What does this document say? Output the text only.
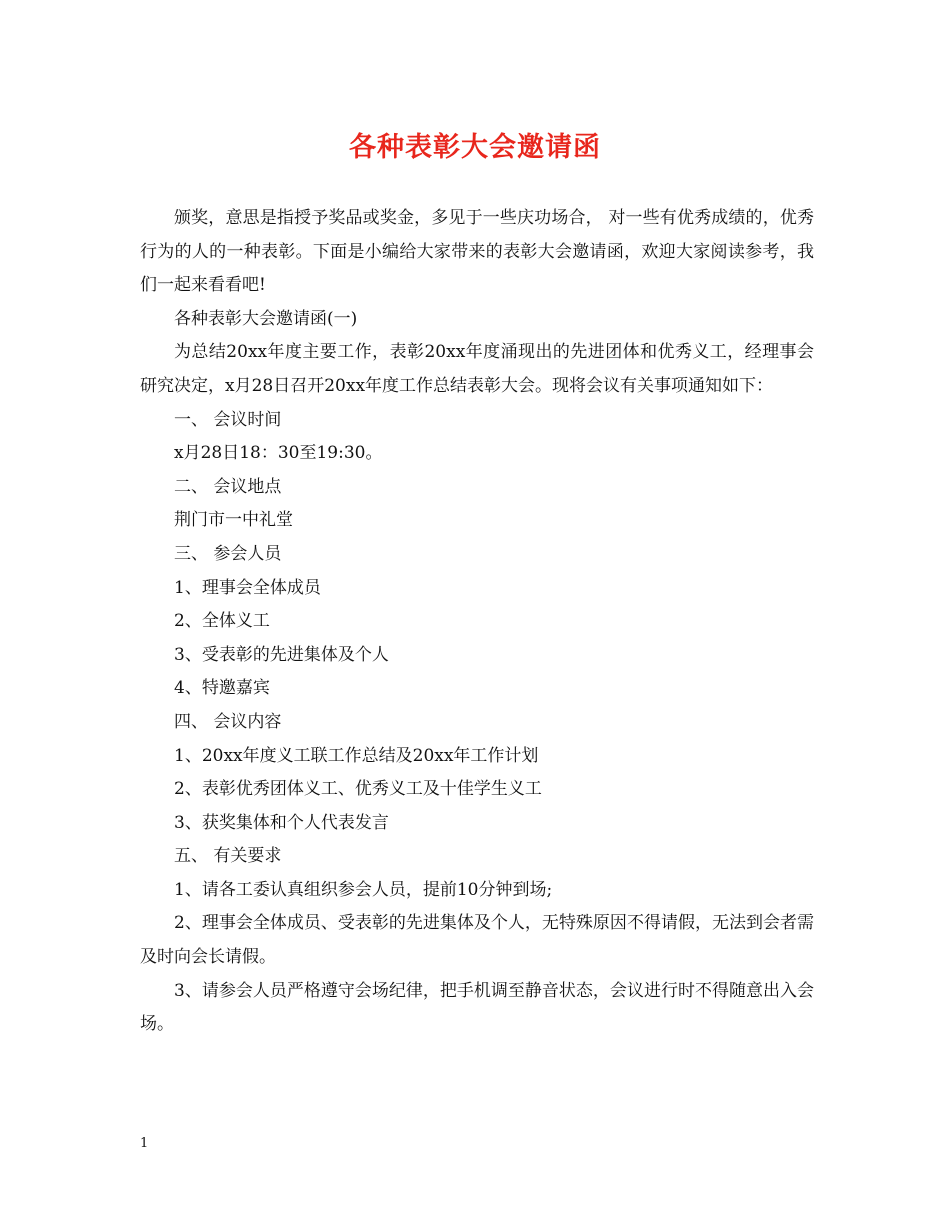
各种表彰大会邀请函

颁奖，意思是指授予奖品或奖金，多见于一些庆功场合， 对一些有优秀成绩的，优秀行为的人的一种表彰。下面是小编给大家带来的表彰大会邀请函，欢迎大家阅读参考，我们一起来看看吧!

各种表彰大会邀请函(一)

为总结20xx年度主要工作，表彰20xx年度涌现出的先进团体和优秀义工，经理事会研究决定，x月28日召开20xx年度工作总结表彰大会。现将会议有关事项通知如下：

一、 会议时间

x月28日18：30至19:30。

二、 会议地点

荆门市一中礼堂

三、 参会人员

1、理事会全体成员

2、全体义工

3、受表彰的先进集体及个人

4、特邀嘉宾

四、 会议内容

1、20xx年度义工联工作总结及20xx年工作计划

2、表彰优秀团体义工、优秀义工及十佳学生义工

3、获奖集体和个人代表发言

五、 有关要求

1、请各工委认真组织参会人员，提前10分钟到场;

2、理事会全体成员、受表彰的先进集体及个人，无特殊原因不得请假，无法到会者需及时向会长请假。

3、请参会人员严格遵守会场纪律，把手机调至静音状态，会议进行时不得随意出入会场。

1
